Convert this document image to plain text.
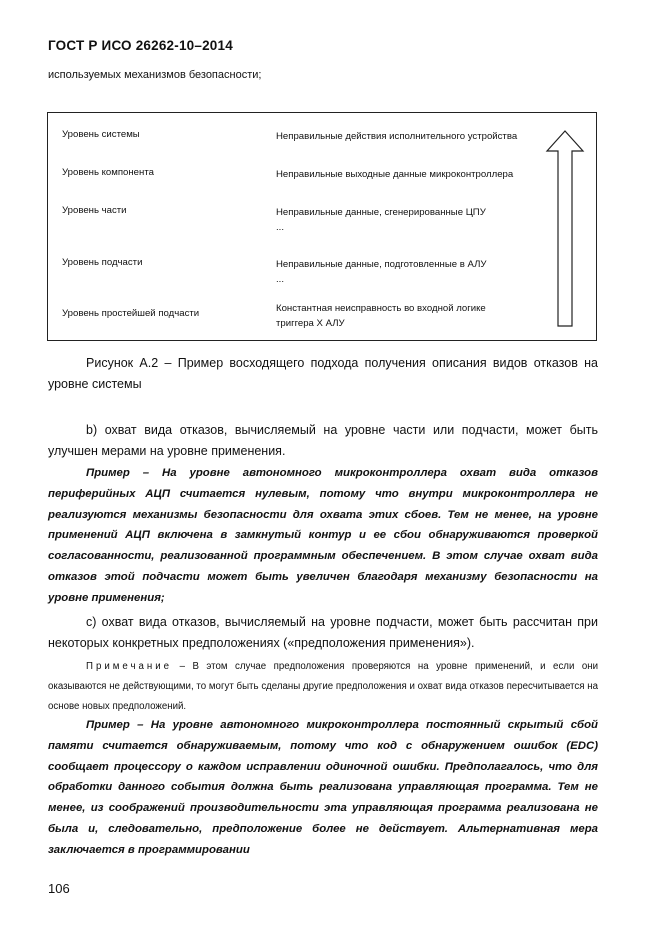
ГОСТ Р ИСО 26262-10–2014
используемых механизмов безопасности;
Уровень системы	Неправильные действия исполнительного устройства
Уровень компонента	Неправильные выходные данные микроконтроллера
Уровень части	Неправильные данные, сгенерированные ЦПУ
...
Уровень подчасти	Неправильные данные, подготовленные в АЛУ
...
Уровень простейшей подчасти	Константная неисправность во входной логике
триггера X АЛУ
Рисунок А.2 – Пример восходящего подхода получения описания видов отказов на уровне системы
b) охват вида отказов, вычисляемый на уровне части или подчасти, может быть улучшен мерами на уровне применения.
Пример – На уровне автономного микроконтроллера охват вида отказов периферийных АЦП считается нулевым, потому что внутри микроконтроллера не реализуются механизмы безопасности для охвата этих сбоев. Тем не менее, на уровне применений АЦП включена в замкнутый контур и ее сбои обнаруживаются проверкой согласованности, реализованной программным обеспечением. В этом случае охват вида отказов этой подчасти может быть увеличен благодаря механизму безопасности на уровне применения;
c) охват вида отказов, вычисляемый на уровне подчасти, может быть рассчитан при некоторых конкретных предположениях («предположения применения»).
Примечание – В этом случае предположения проверяются на уровне применений, и если они оказываются не действующими, то могут быть сделаны другие предположения и охват вида отказов пересчитывается на основе новых предположений.
Пример – На уровне автономного микроконтроллера постоянный скрытый сбой памяти считается обнаруживаемым, потому что код с обнаружением ошибок (EDC) сообщает процессору о каждом исправлении одиночной ошибки. Предполагалось, что для обработки данного события должна быть реализована управляющая программа. Тем не менее, из соображений производительности эта управляющая программа реализована не была и, следовательно, предположение более не действует. Альтернативная мера заключается в программировании
106
